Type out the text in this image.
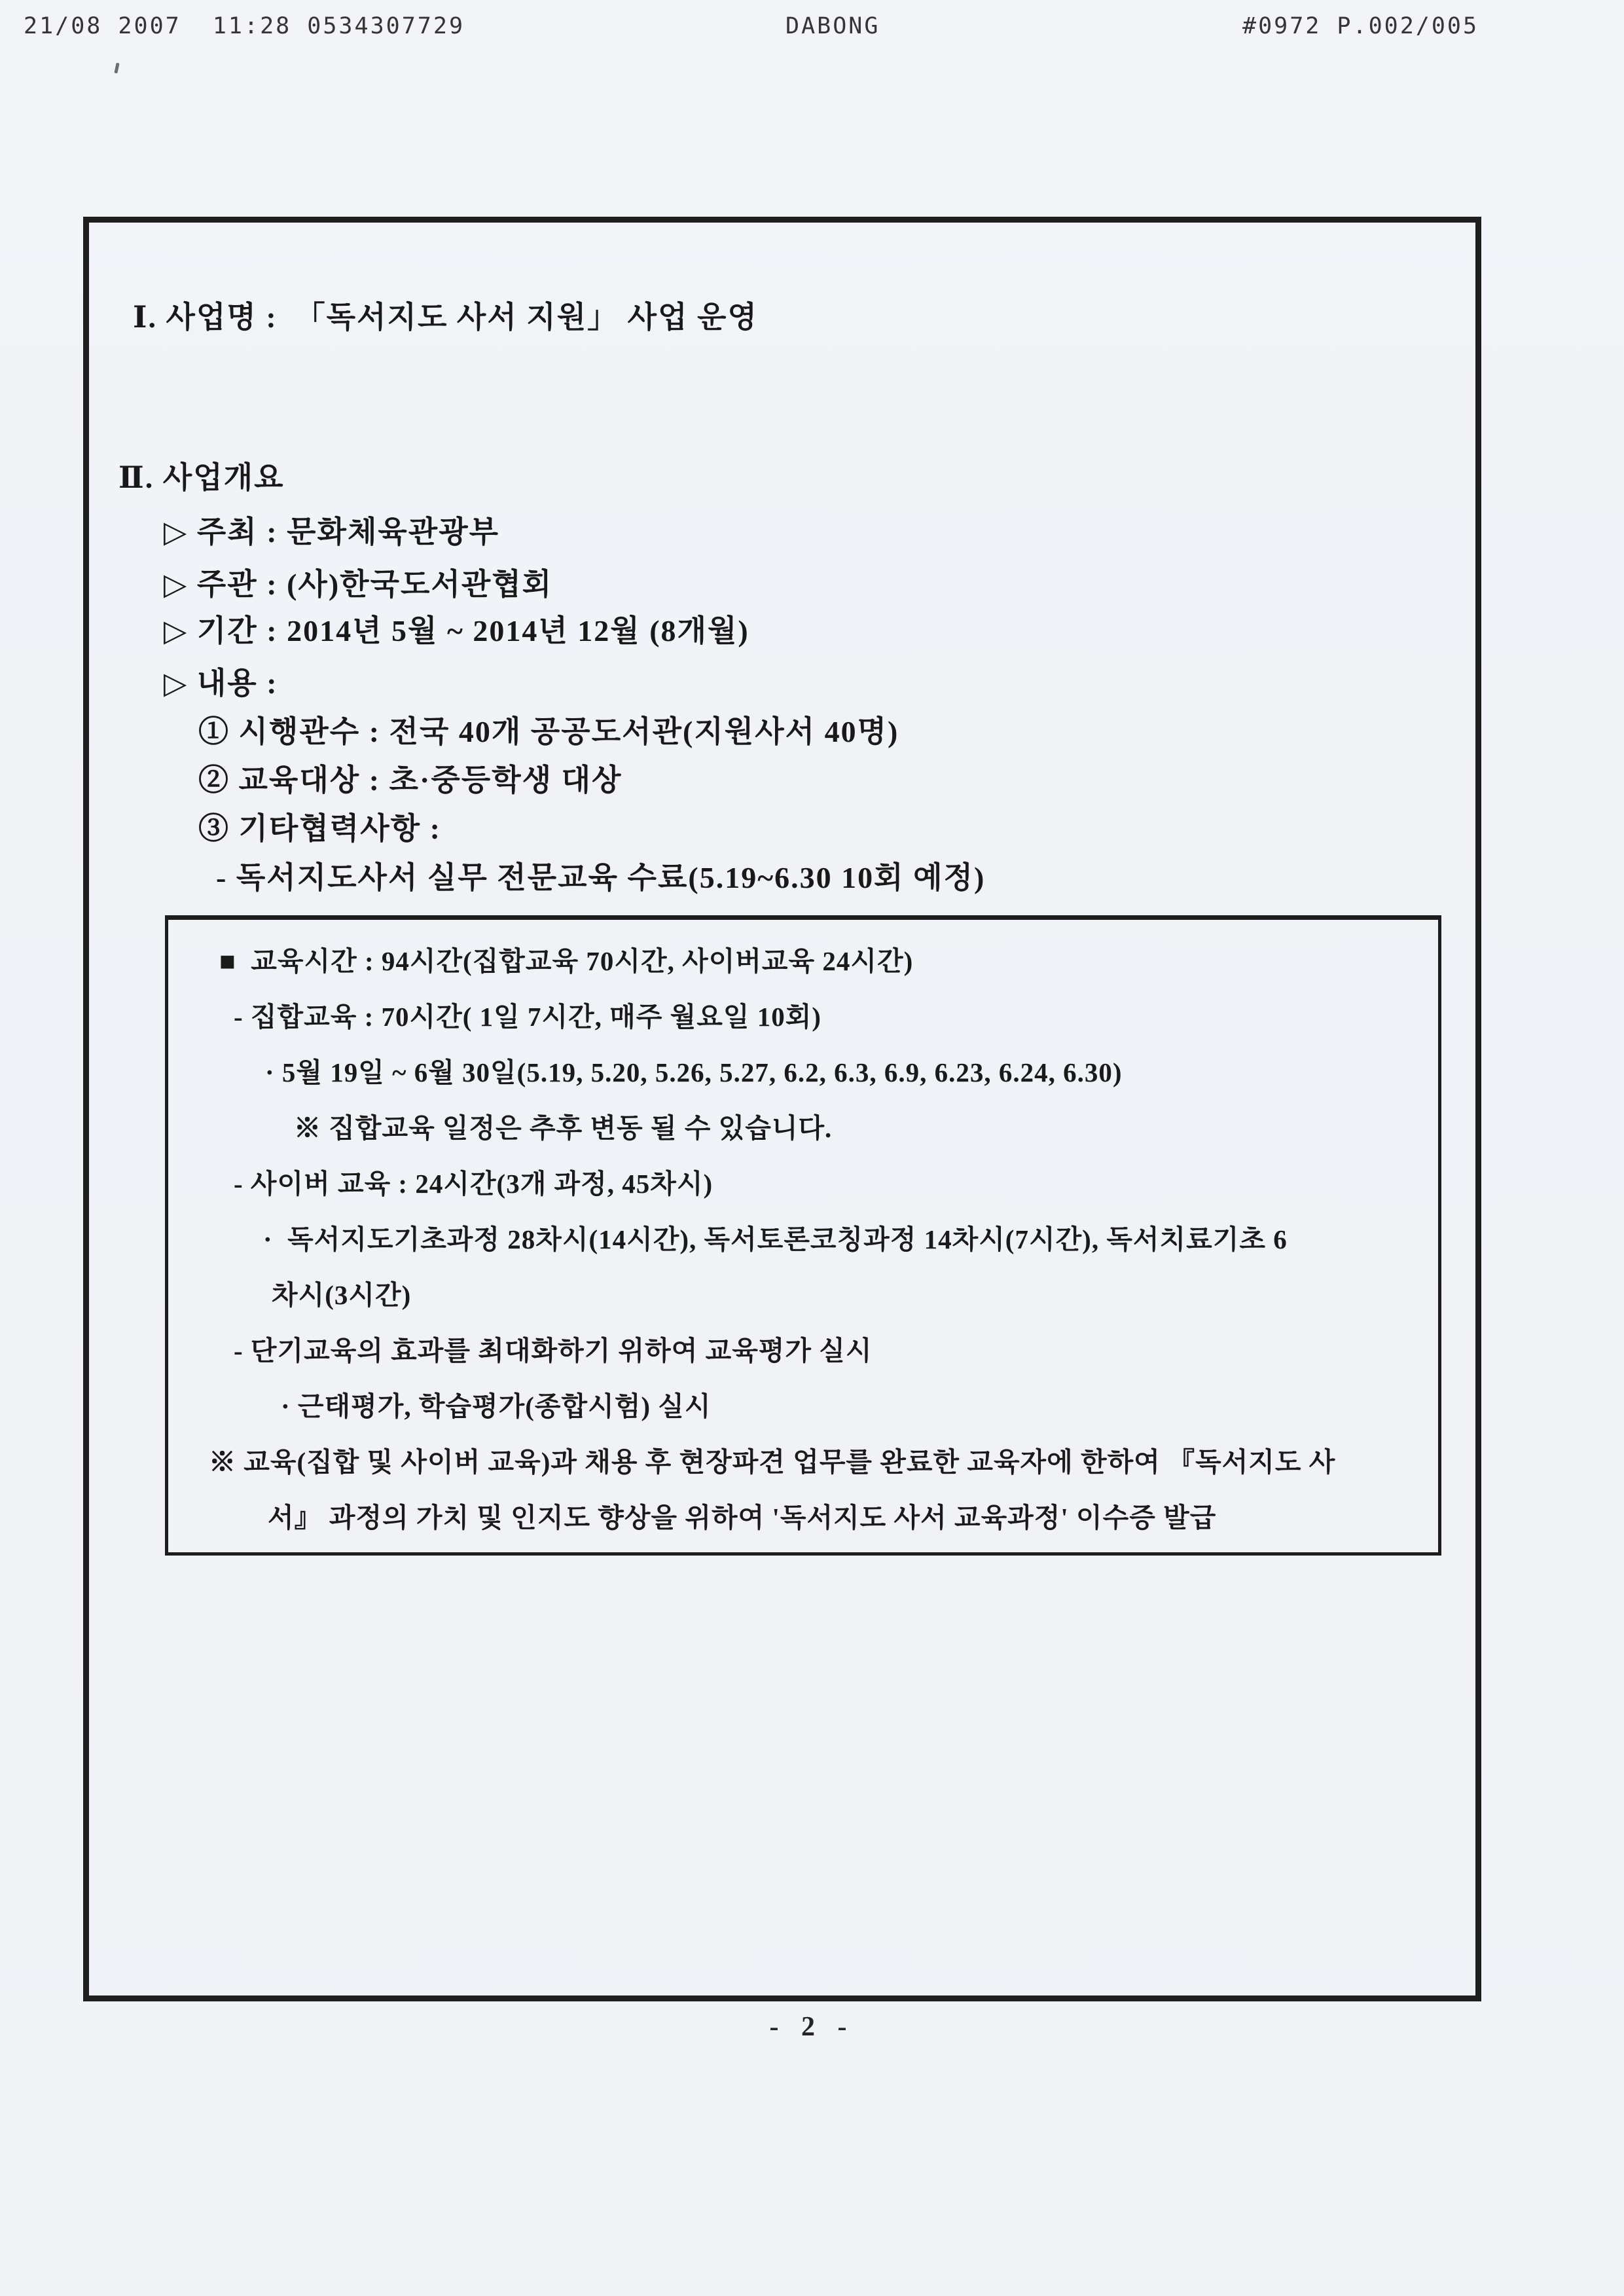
21/08 2007  11:28 0534307729

	DABONG

	#0972 P.002/005

Ⅰ. 사업명 :  「독서지도 사서 지원」 사업 운영
Ⅱ. 사업개요
▷ 주최 : 문화체육관광부
▷ 주관 : (사)한국도서관협회
▷ 기간 : 2014년 5월 ~ 2014년 12월 (8개월)
▷ 내용 :
① 시행관수 : 전국 40개 공공도서관(지원사서 40명)
② 교육대상 : 초·중등학생 대상
③ 기타협력사항 :
- 독서지도사서 실무 전문교육 수료(5.19~6.30 10회 예정)
■  교육시간 : 94시간(집합교육 70시간, 사이버교육 24시간)
- 집합교육 : 70시간( 1일 7시간, 매주 월요일 10회)
· 5월 19일 ~ 6월 30일(5.19, 5.20, 5.26, 5.27, 6.2, 6.3, 6.9, 6.23, 6.24, 6.30)
※ 집합교육 일정은 추후 변동 될 수 있습니다.
- 사이버 교육 : 24시간(3개 과정, 45차시)
·  독서지도기초과정 28차시(14시간), 독서토론코칭과정 14차시(7시간), 독서치료기초 6
차시(3시간)
- 단기교육의 효과를 최대화하기 위하여 교육평가 실시
· 근태평가, 학습평가(종합시험) 실시
※ 교육(집합 및 사이버 교육)과 채용 후 현장파견 업무를 완료한 교육자에 한하여 『독서지도 사
서』 과정의 가치 및 인지도 향상을 위하여 '독서지도 사서 교육과정' 이수증 발급
- 2 -
